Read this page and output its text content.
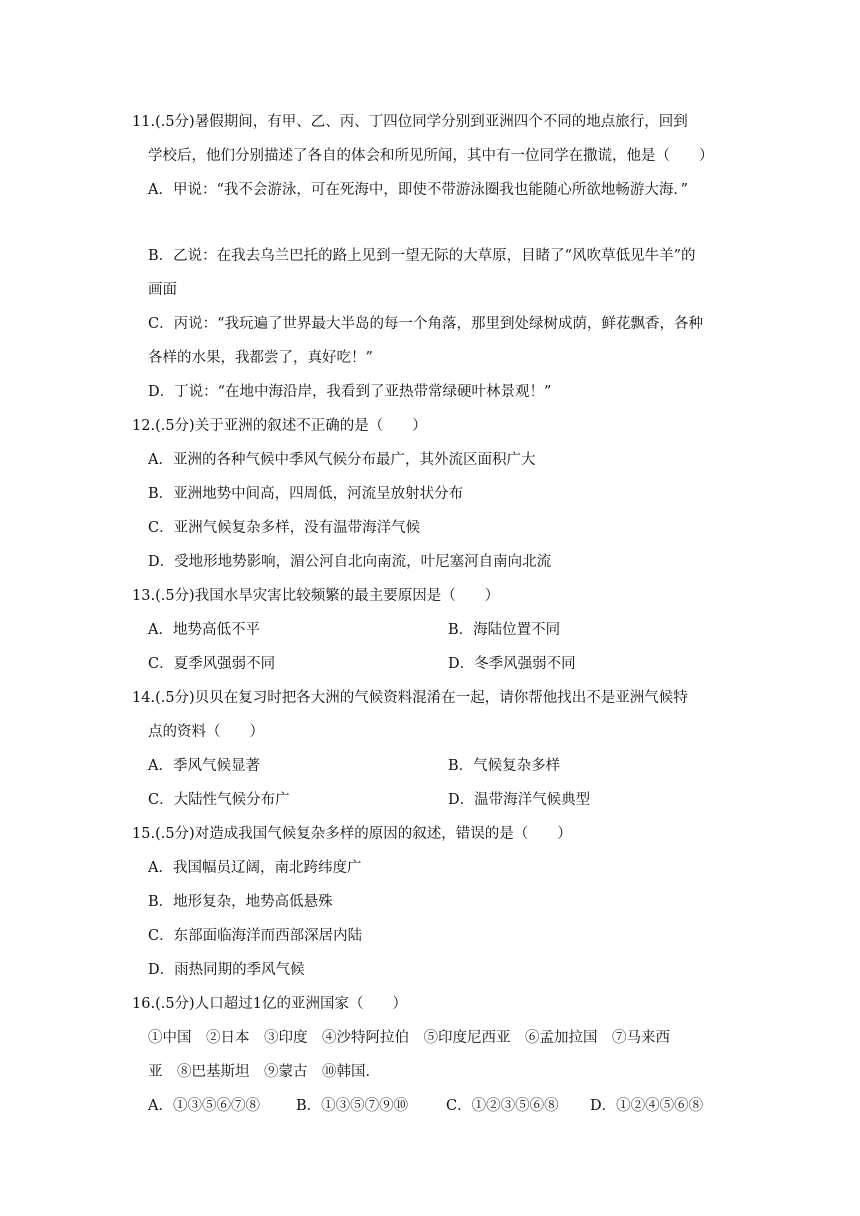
11.(.5分)暑假期间，有甲、乙、丙、丁四位同学分别到亚洲四个不同的地点旅行，回到
学校后，他们分别描述了各自的体会和所见所闻，其中有一位同学在撒谎，他是（　　）
A．甲说：“我不会游泳，可在死海中，即使不带游泳圈我也能随心所欲地畅游大海．”
B．乙说：在我去乌兰巴托的路上见到一望无际的大草原，目睹了“风吹草低见牛羊”的
画面
C．丙说：“我玩遍了世界最大半岛的每一个角落，那里到处绿树成荫，鲜花飘香，各种
各样的水果，我都尝了，真好吃！”
D．丁说：“在地中海沿岸，我看到了亚热带常绿硬叶林景观！”
12.(.5分)关于亚洲的叙述不正确的是（　　）
A．亚洲的各种气候中季风气候分布最广，其外流区面积广大
B．亚洲地势中间高，四周低，河流呈放射状分布
C．亚洲气候复杂多样，没有温带海洋气候
D．受地形地势影响，湄公河自北向南流，叶尼塞河自南向北流
13.(.5分)我国水旱灾害比较频繁的最主要原因是（　　）
A．地势高低不平	B．海陆位置不同
C．夏季风强弱不同	D．冬季风强弱不同
14.(.5分)贝贝在复习时把各大洲的气候资料混淆在一起，请你帮他找出不是亚洲气候特
点的资料（　　）
A．季风气候显著	B．气候复杂多样
C．大陆性气候分布广	D．温带海洋气候典型
15.(.5分)对造成我国气候复杂多样的原因的叙述，错误的是（　　）
A．我国幅员辽阔，南北跨纬度广
B．地形复杂，地势高低悬殊
C．东部面临海洋而西部深居内陆
D．雨热同期的季风气候
16.(.5分)人口超过1亿的亚洲国家（　　）
①中国　②日本　③印度　④沙特阿拉伯　⑤印度尼西亚　⑥孟加拉国　⑦马来西
亚　⑧巴基斯坦　⑨蒙古　⑩韩国．
A．①③⑤⑥⑦⑧ B．①③⑤⑦⑨⑩	C．①②③⑤⑥⑧ D．①②④⑤⑥⑧
